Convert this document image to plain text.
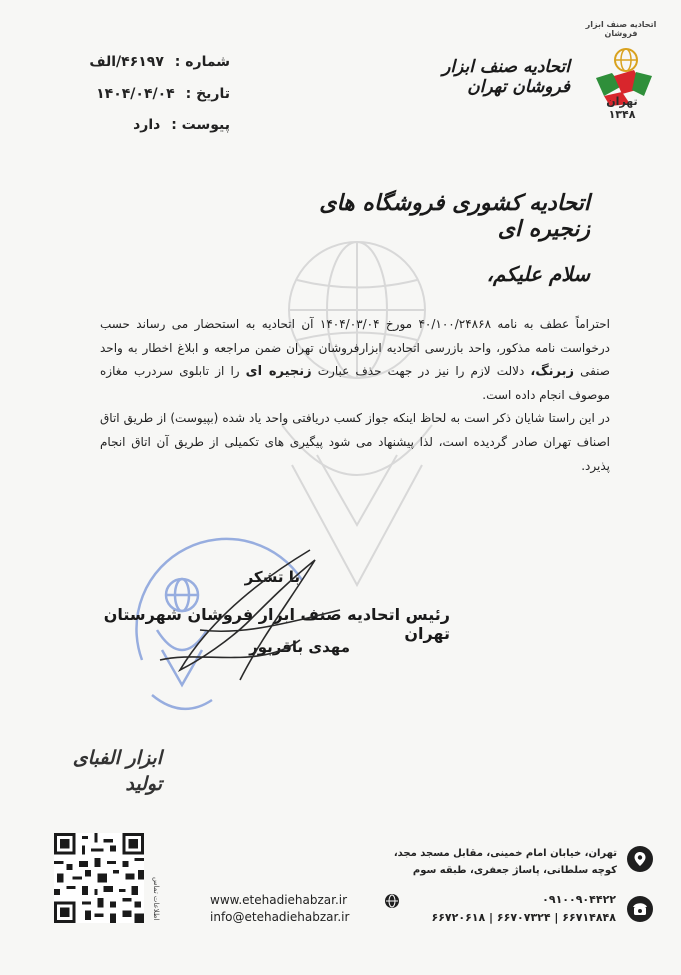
اتحادیه صنف ابزار فروشان
تهران
۱۳۴۸
اتحادیه صنف ابزار فروشان تهران
شماره : ۴۶۱۹۷/الف
تاریخ : ۱۴۰۴/۰۴/۰۴
پیوست : دارد
اتحادیه کشوری فروشگاه های زنجیره ای
سلام علیکم،

احتراماً عطف به نامه ۴۰/۱۰۰/۲۴۸۶۸ مورخ ۱۴۰۴/۰۳/۰۴ آن اتحادیه به استحضار می رساند حسب درخواست نامه مذکور، واحد بازرسی اتحادیه ابزارفروشان تهران ضمن مراجعه و ابلاغ اخطار به واحد صنفی زبرنگ، دلالت لازم را نیز در جهت حذف عبارت زنجیره ای را از تابلوی سردرب مغازه موصوف انجام داده است.

در این راستا شایان ذکر است به لحاظ اینکه جواز کسب دریافتی واحد یاد شده (بپیوست) از طریق اتاق اصناف تهران صادر گردیده است، لذا پیشنهاد می شود پیگیری های تکمیلی از طریق آن اتاق انجام پذیرد.

با تشکر
رئیس اتحادیه صنف ابزار فروشان شهرستان تهران
مهدی باقرپور
ابزار الفبای توليد
اطلاعات تماس
تهران، خیابان امام خمینی، مقابل مسجد مجد،
کوچه سلطانی، پاساژ جعفری، طبقه سوم
۰۹۱۰۰۹۰۴۴۲۲
۶۶۷۲۰۶۱۸ | ۶۶۷۰۷۳۲۴ | ۶۶۷۱۴۸۴۸
www.etehadiehabzar.ir
info@etehadiehabzar.ir
